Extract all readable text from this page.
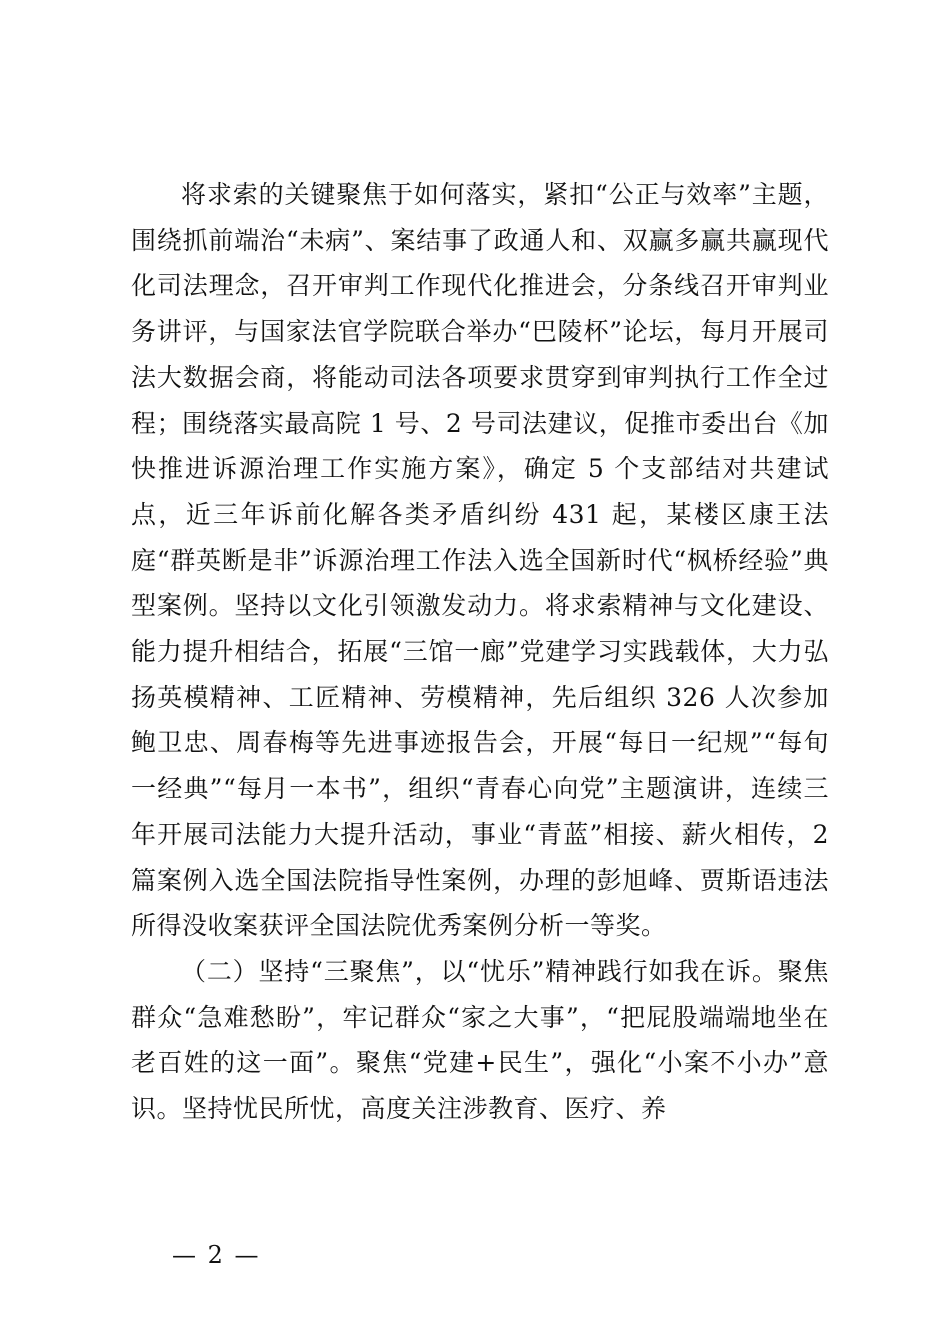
将求索的关键聚焦于如何落实，紧扣“公正与效率”主题，围绕抓前端治“未病”、案结事了政通人和、双赢多赢共赢现代化司法理念，召开审判工作现代化推进会，分条线召开审判业务讲评，与国家法官学院联合举办“巴陵杯”论坛，每月开展司法大数据会商，将能动司法各项要求贯穿到审判执行工作全过程；围绕落实最高院 1 号、2 号司法建议，促推市委出台《加快推进诉源治理工作实施方案》，确定 5 个支部结对共建试点，近三年诉前化解各类矛盾纠纷 431 起，某楼区康王法庭“群英断是非”诉源治理工作法入选全国新时代“枫桥经验”典型案例。坚持以文化引领激发动力。将求索精神与文化建设、能力提升相结合，拓展“三馆一廊”党建学习实践载体，大力弘扬英模精神、工匠精神、劳模精神，先后组织 326 人次参加鲍卫忠、周春梅等先进事迹报告会，开展“每日一纪规”“每旬一经典”“每月一本书”，组织“青春心向党”主题演讲，连续三年开展司法能力大提升活动，事业“青蓝”相接、薪火相传，2 篇案例入选全国法院指导性案例，办理的彭旭峰、贾斯语违法所得没收案获评全国法院优秀案例分析一等奖。

（二）坚持“三聚焦”，以“忧乐”精神践行如我在诉。聚焦群众“急难愁盼”，牢记群众“家之大事”，“把屁股端端地坐在老百姓的这一面”。聚焦“党建+民生”，强化“小案不小办”意识。坚持忧民所忧，高度关注涉教育、医疗、养

— 2 —
